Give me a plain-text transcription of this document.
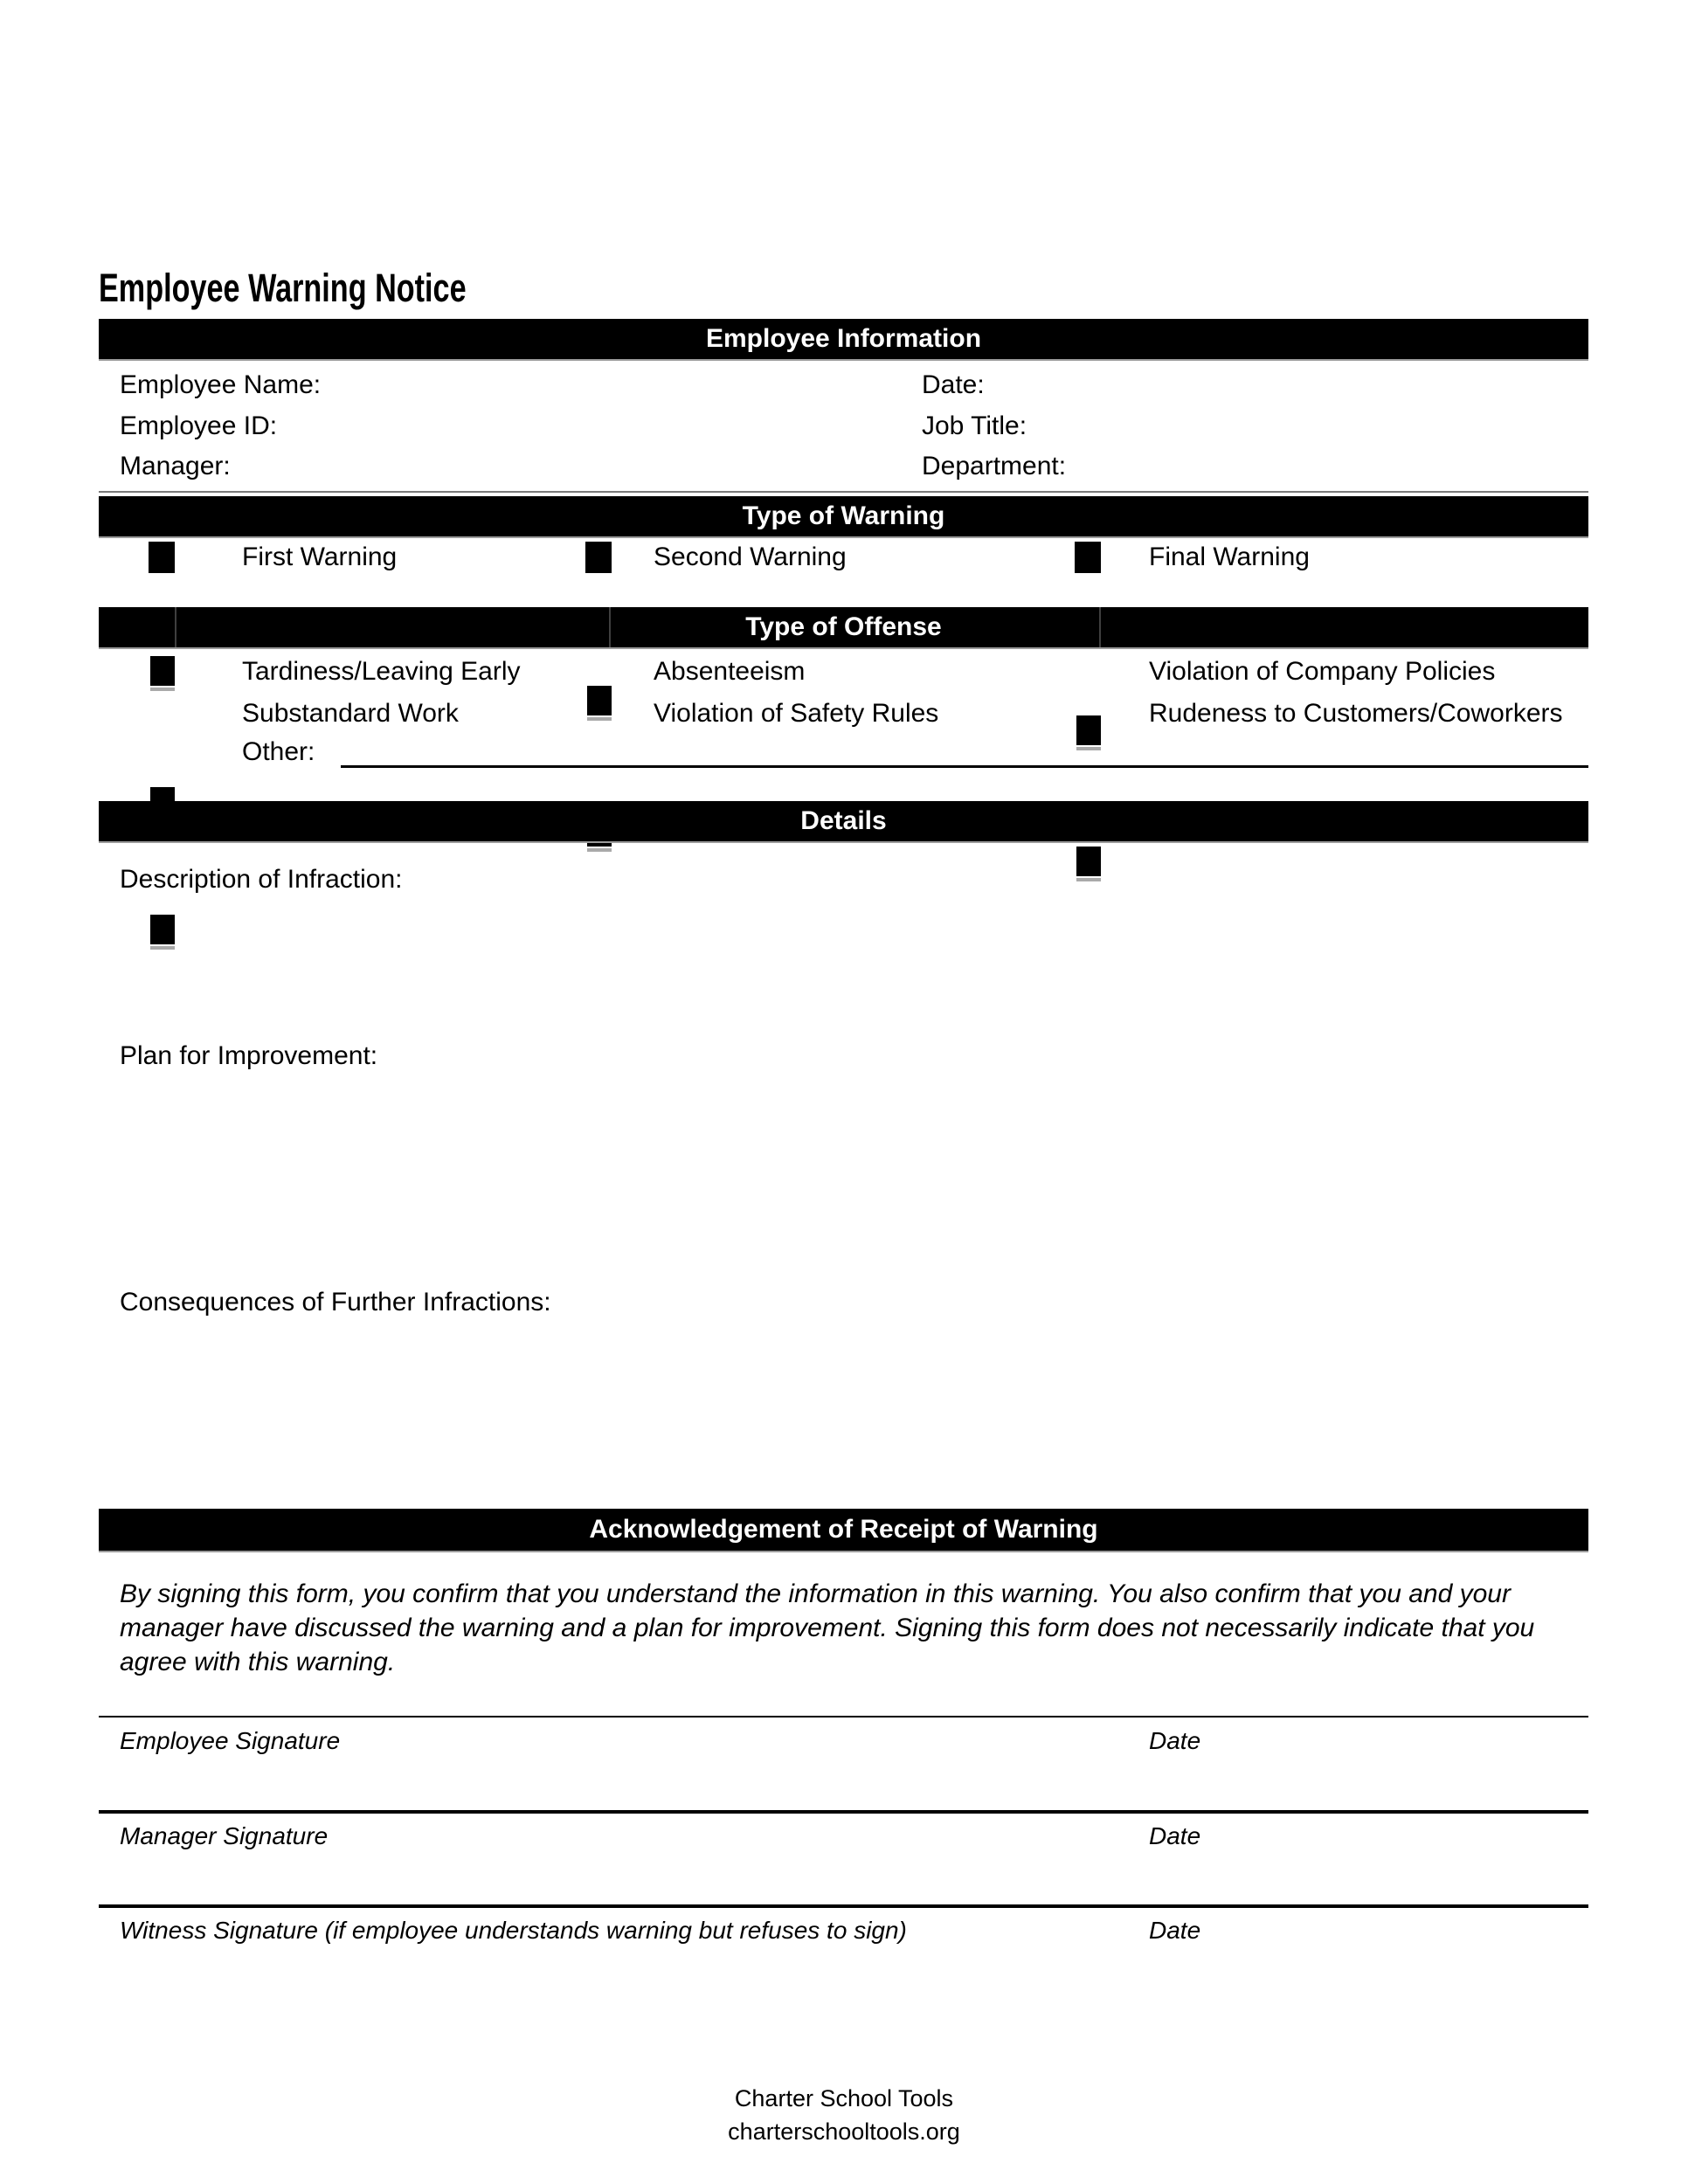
Employee Warning Notice
Employee Information
Employee Name:	Date:
Employee ID:	Job Title:
Manager:	Department:
Type of Warning
First Warning	Second Warning	Final Warning
Type of Offense
Tardiness/Leaving Early	Absenteeism	Violation of Company Policies
Substandard Work	Violation of Safety Rules	Rudeness to Customers/Coworkers
Other:
Details
Description of Infraction:
Plan for Improvement:
Consequences of Further Infractions:
Acknowledgement of Receipt of Warning
By signing this form, you confirm that you understand the information in this warning. You also confirm that you and your
manager have discussed the warning and a plan for improvement. Signing this form does not necessarily indicate that you
agree with this warning.
Employee Signature	Date
Manager Signature	Date
Witness Signature (if employee understands warning but refuses to sign)	Date
Charter School Tools
charterschooltools.org
